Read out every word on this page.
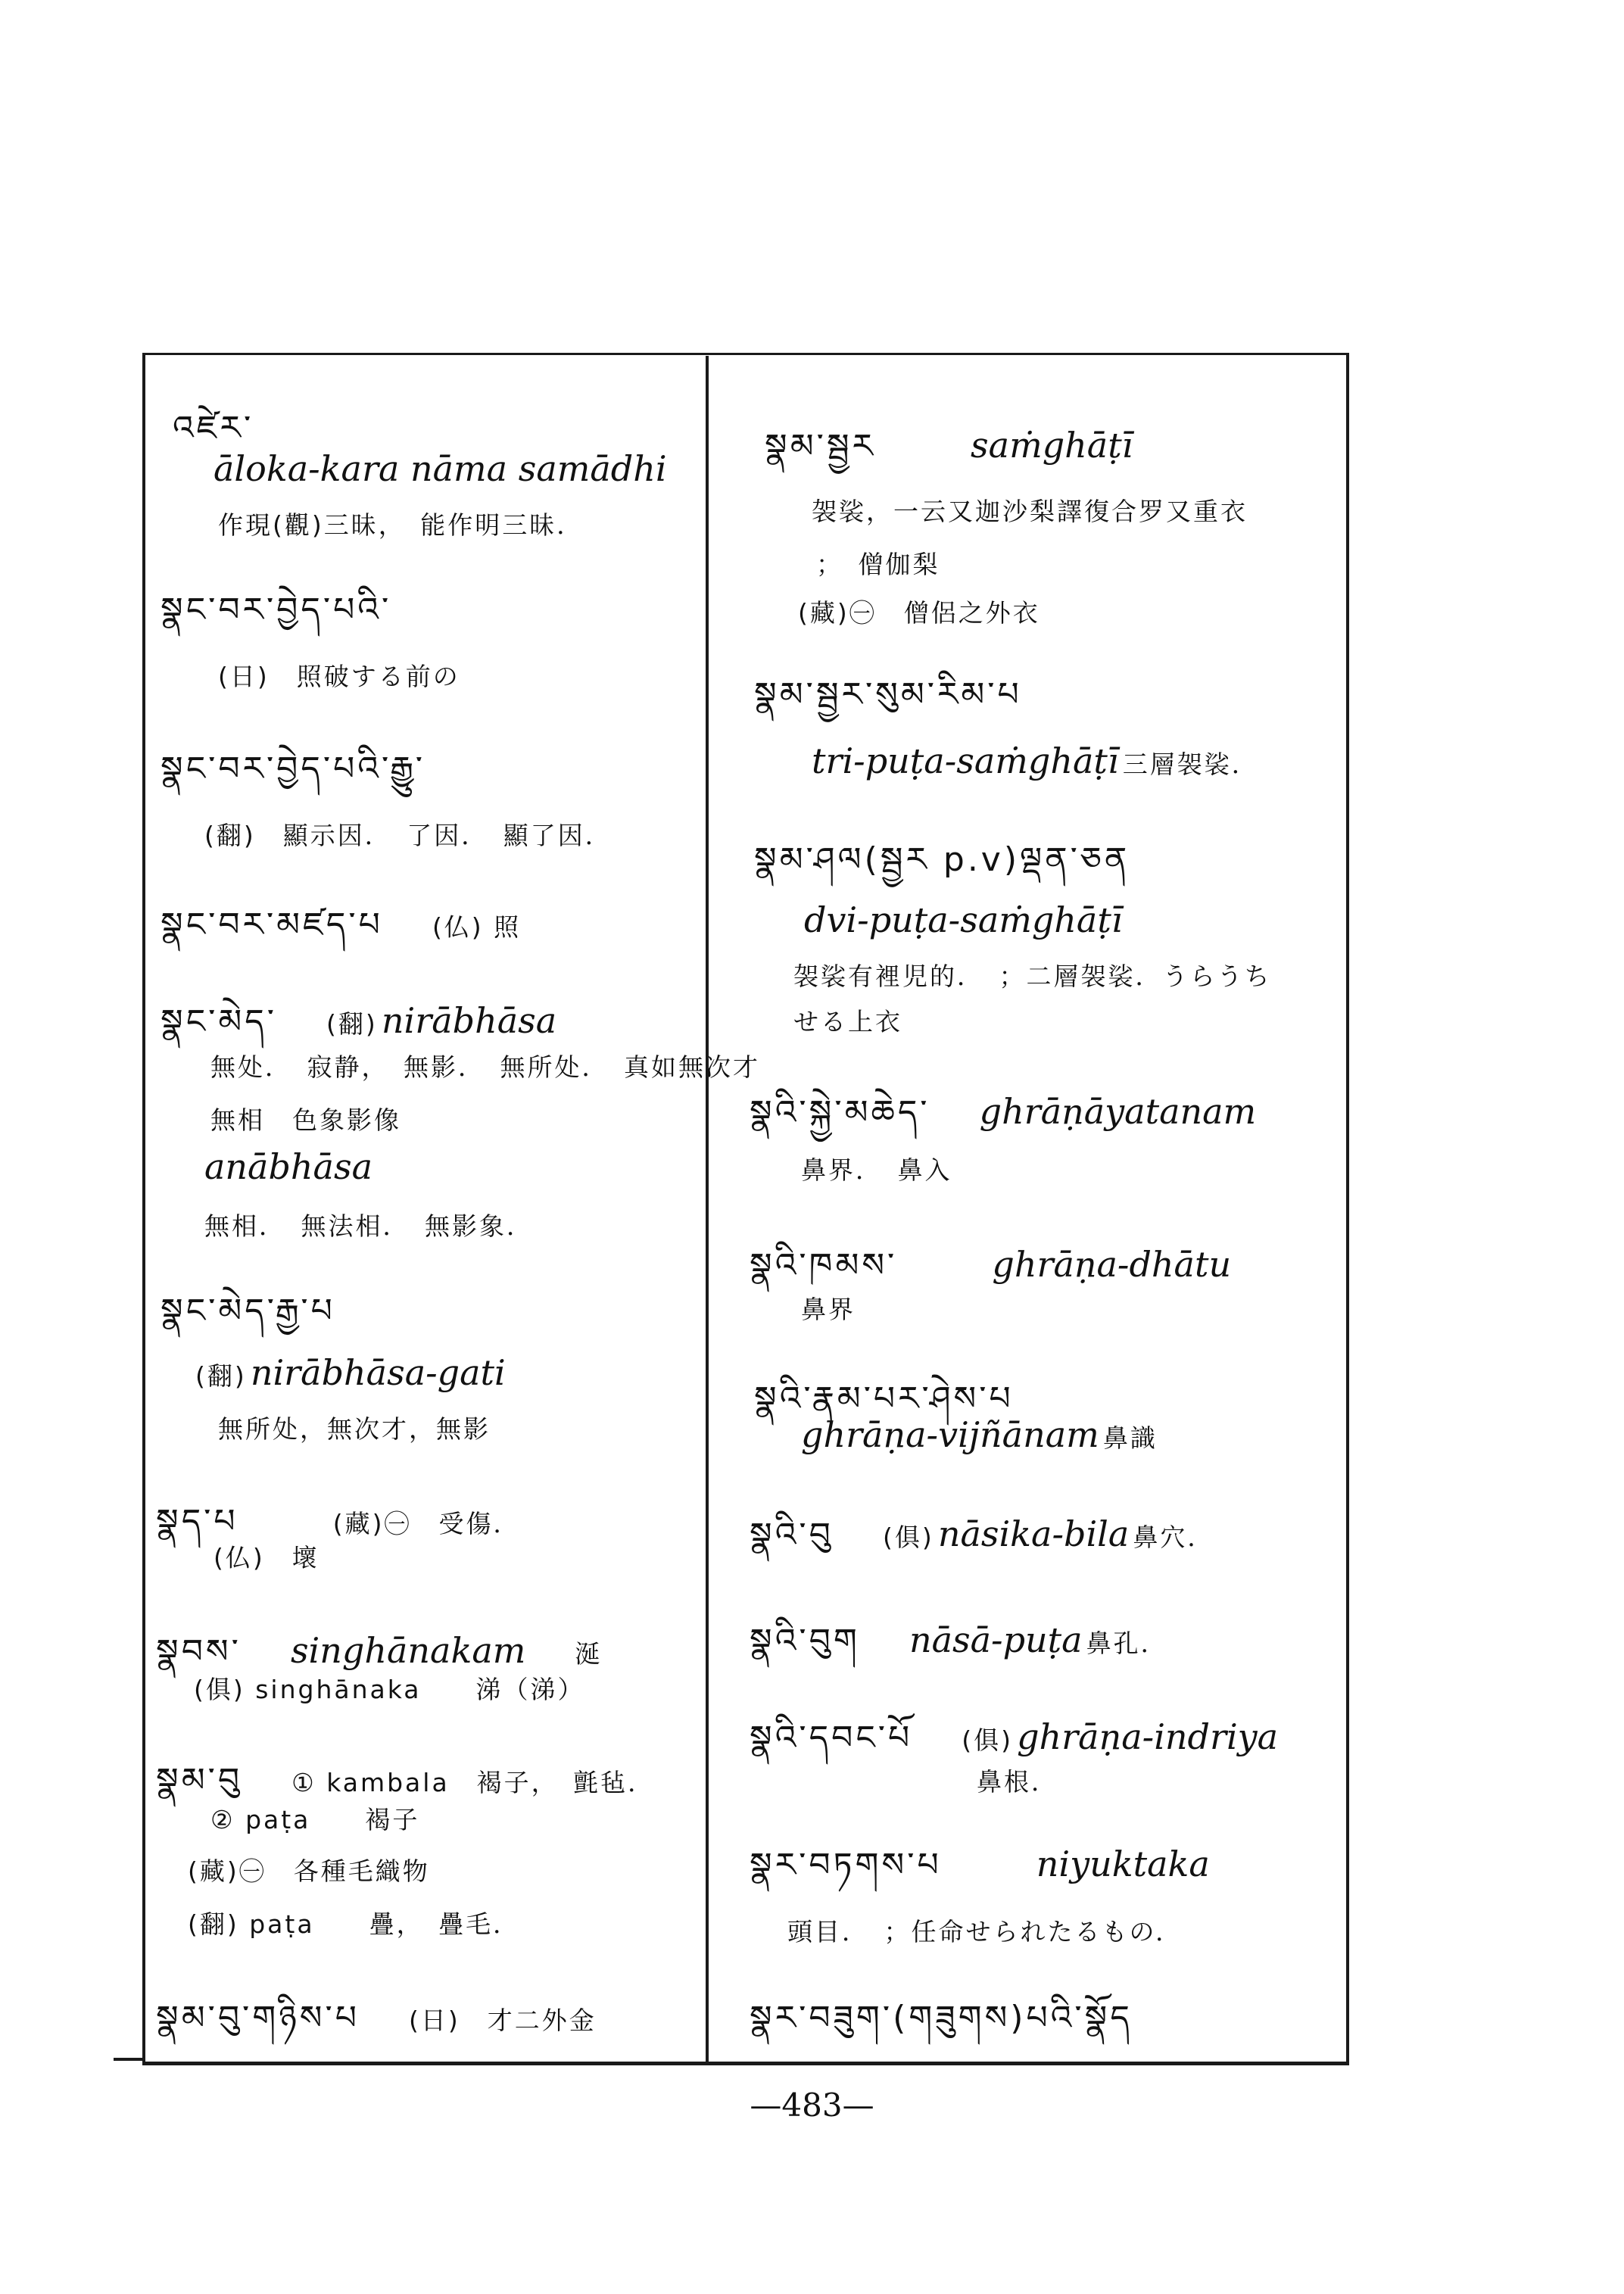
འཛེར་
āloka-kara nāma samādhi
作現(觀)三昧，　能作明三昧．
སྣང་བར་བྱེད་པའི་
(日)　照破する前の
སྣང་བར་བྱེད་པའི་རྒྱུ་
(翻)　顯示因．　了因．　顯了因．
སྣང་བར་མཛད་པ (仏) 照
སྣང་མེད་ (翻) nirābhāsa
無处．　寂静，　無影．　無所处．　真如無次才
無相　色象影像
anābhāsa
無相．　無法相．　無影象．
སྣང་མེད་རྒྱ་པ
(翻) nirābhāsa-gati
無所处，無次才，無影
སྣད་པ	(藏)㊀　受傷．
(仏)　壞
སྣབས་ singhānakam 涎
(俱) singhānaka　　涕（涕）
སྣམ་བུ ① kambala　褐子，　氈毡．
② paṭa　　褐子
(藏)㊀　各種毛織物
(翻) paṭa　　疊，　疊毛．
སྣམ་བུ་གཉིས་པ (日)　才二外金
སྣམ་སྦྱར	saṁghāṭī
袈裟，一云又迦沙梨譯復合罗又重衣
；　僧伽梨
(藏)㊀　僧侶之外衣
སྣམ་སྦྱར་སུམ་རིམ་པ
tri-puṭa-saṁghāṭī 三層袈裟．
སྣམ་ཤལ(སྦྱར p.v)ལྡན་ཅན
dvi-puṭa-saṁghāṭī
袈裟有裡児的．　；二層袈裟．うらうち
せる上衣
སྣའི་སྐྱེ་མཆེད་ ghrāṇāyatanam
鼻界．　鼻入
སྣའི་ཁམས་	ghrāṇa-dhātu
鼻界
སྣའི་རྣམ་པར་ཤེས་པ
ghrāṇa-vijñānam 鼻識
སྣའི་བུ (俱) nāsika-bila 鼻穴．
སྣའི་བུག nāsā-puṭa 鼻孔．
སྣའི་དབང་པོ (俱) ghrāṇa-indriya
鼻根．
སྣར་བཏགས་པ	niyuktaka
頭目．　；任命せられたるもの．
སྣར་བཟུག་(གཟུགས)པའི་སྣོད
—483—
